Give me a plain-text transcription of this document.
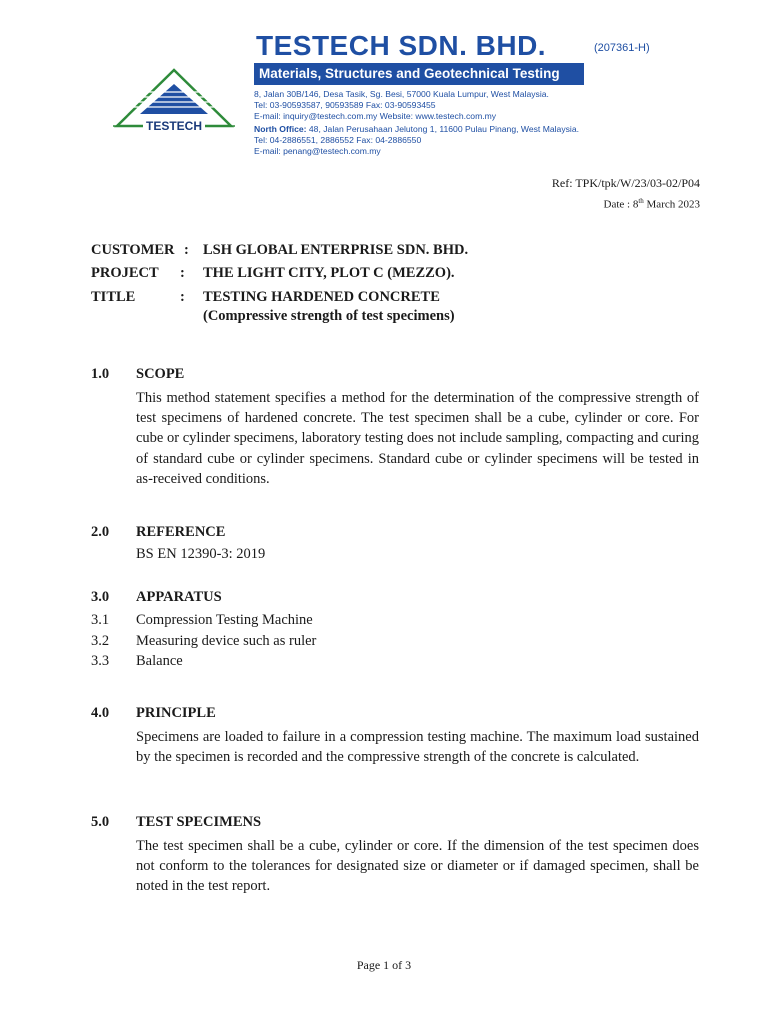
TESTECH
TESTECH SDN. BHD.	(207361-H)
Materials, Structures and Geotechnical Testing
8, Jalan 30B/146, Desa Tasik, Sg. Besi, 57000 Kuala Lumpur, West Malaysia.
Tel: 03-90593587, 90593589 Fax: 03-90593455
E-mail: inquiry@testech.com.my Website: www.testech.com.my
North Office: 48, Jalan Perusahaan Jelutong 1, 11600 Pulau Pinang, West Malaysia.
Tel: 04-2886551, 2886552 Fax: 04-2886550
E-mail: penang@testech.com.my
Ref: TPK/tpk/W/23/03-02/P04
Date : 8th March 2023
CUSTOMER : LSH GLOBAL ENTERPRISE SDN. BHD.
PROJECT : THE LIGHT CITY, PLOT C (MEZZO).
TITLE	: TESTING HARDENED CONCRETE
(Compressive strength of test specimens)
1.0 SCOPE
This method statement specifies a method for the determination of the compressive strength of test specimens of hardened concrete. The test specimen shall be a cube, cylinder or core. For cube or cylinder specimens, laboratory testing does not include sampling, compacting and curing of standard cube or cylinder specimens. Standard cube or cylinder specimens will be tested in as-received conditions.
2.0 REFERENCE
BS EN 12390-3: 2019
3.0 APPARATUS
3.1 Compression Testing Machine
3.2 Measuring device such as ruler
3.3 Balance
4.0 PRINCIPLE
Specimens are loaded to failure in a compression testing machine. The maximum load sustained by the specimen is recorded and the compressive strength of the concrete is calculated.
5.0 TEST SPECIMENS
The test specimen shall be a cube, cylinder or core. If the dimension of the test specimen does not conform to the tolerances for designated size or diameter or if damaged specimen, shall be noted in the test report.
Page 1 of 3
